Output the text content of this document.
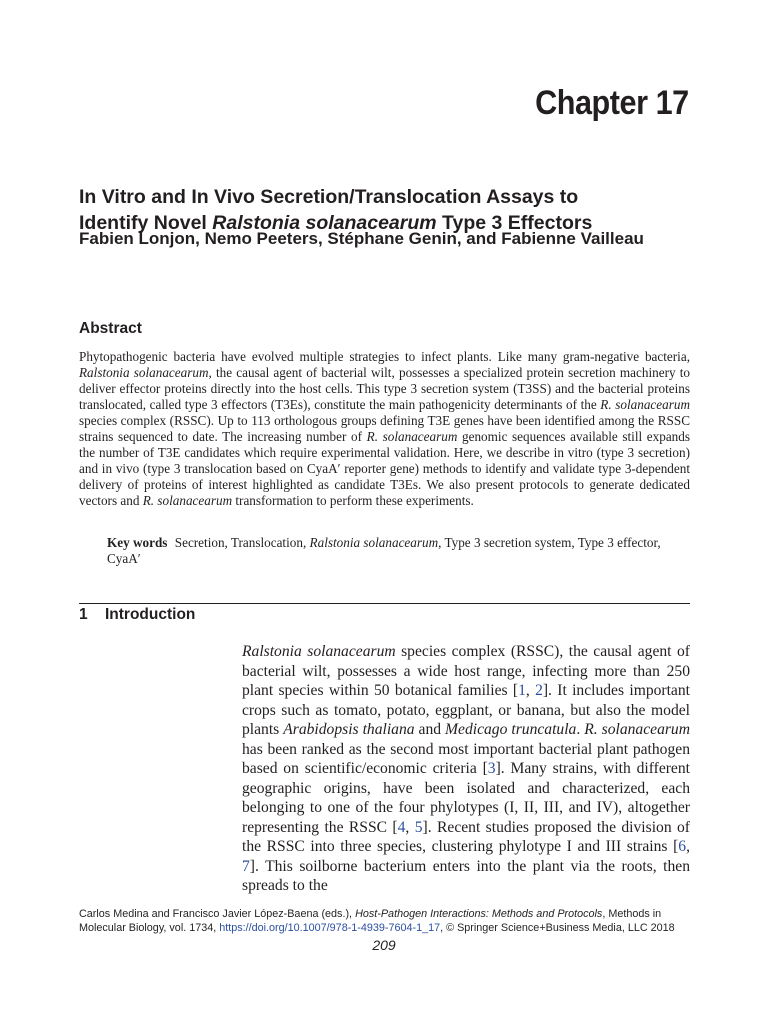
Chapter 17
In Vitro and In Vivo Secretion/Translocation Assays to
Identify Novel Ralstonia solanacearum Type 3 Effectors
Fabien Lonjon, Nemo Peeters, Stéphane Genin, and Fabienne Vailleau
Abstract

Phytopathogenic bacteria have evolved multiple strategies to infect plants. Like many gram-negative bacteria, Ralstonia solanacearum, the causal agent of bacterial wilt, possesses a specialized protein secretion machinery to deliver effector proteins directly into the host cells. This type 3 secretion system (T3SS) and the bacterial proteins translocated, called type 3 effectors (T3Es), constitute the main pathogenicity determinants of the R. solanacearum species complex (RSSC). Up to 113 orthologous groups defining T3E genes have been identified among the RSSC strains sequenced to date. The increasing number of R. solanacearum genomic sequences available still expands the number of T3E candidates which require experimental validation. Here, we describe in vitro (type 3 secretion) and in vivo (type 3 translocation based on CyaA′ reporter gene) methods to identify and validate type 3-dependent delivery of proteins of interest highlighted as candidate T3Es. We also present protocols to generate dedicated vectors and R. solanacearum transformation to perform these experiments.

Key words Secretion, Translocation, Ralstonia solanacearum, Type 3 secretion system, Type 3 effector, CyaA′

1 Introduction

Ralstonia solanacearum species complex (RSSC), the causal agent of bacterial wilt, possesses a wide host range, infecting more than 250 plant species within 50 botanical families [1, 2]. It includes important crops such as tomato, potato, eggplant, or banana, but also the model plants Arabidopsis thaliana and Medicago truncatula. R. solanacearum has been ranked as the second most important bacterial plant pathogen based on scientific/economic criteria [3]. Many strains, with different geographic origins, have been isolated and characterized, each belonging to one of the four phylotypes (I, II, III, and IV), altogether representing the RSSC [4, 5]. Recent studies proposed the division of the RSSC into three species, clustering phylotype I and III strains [6, 7]. This soilborne bacterium enters into the plant via the roots, then spreads to the

Carlos Medina and Francisco Javier López-Baena (eds.), Host-Pathogen Interactions: Methods and Protocols, Methods in Molecular Biology, vol. 1734, https://doi.org/10.1007/978-1-4939-7604-1_17, © Springer Science+Business Media, LLC 2018

209
